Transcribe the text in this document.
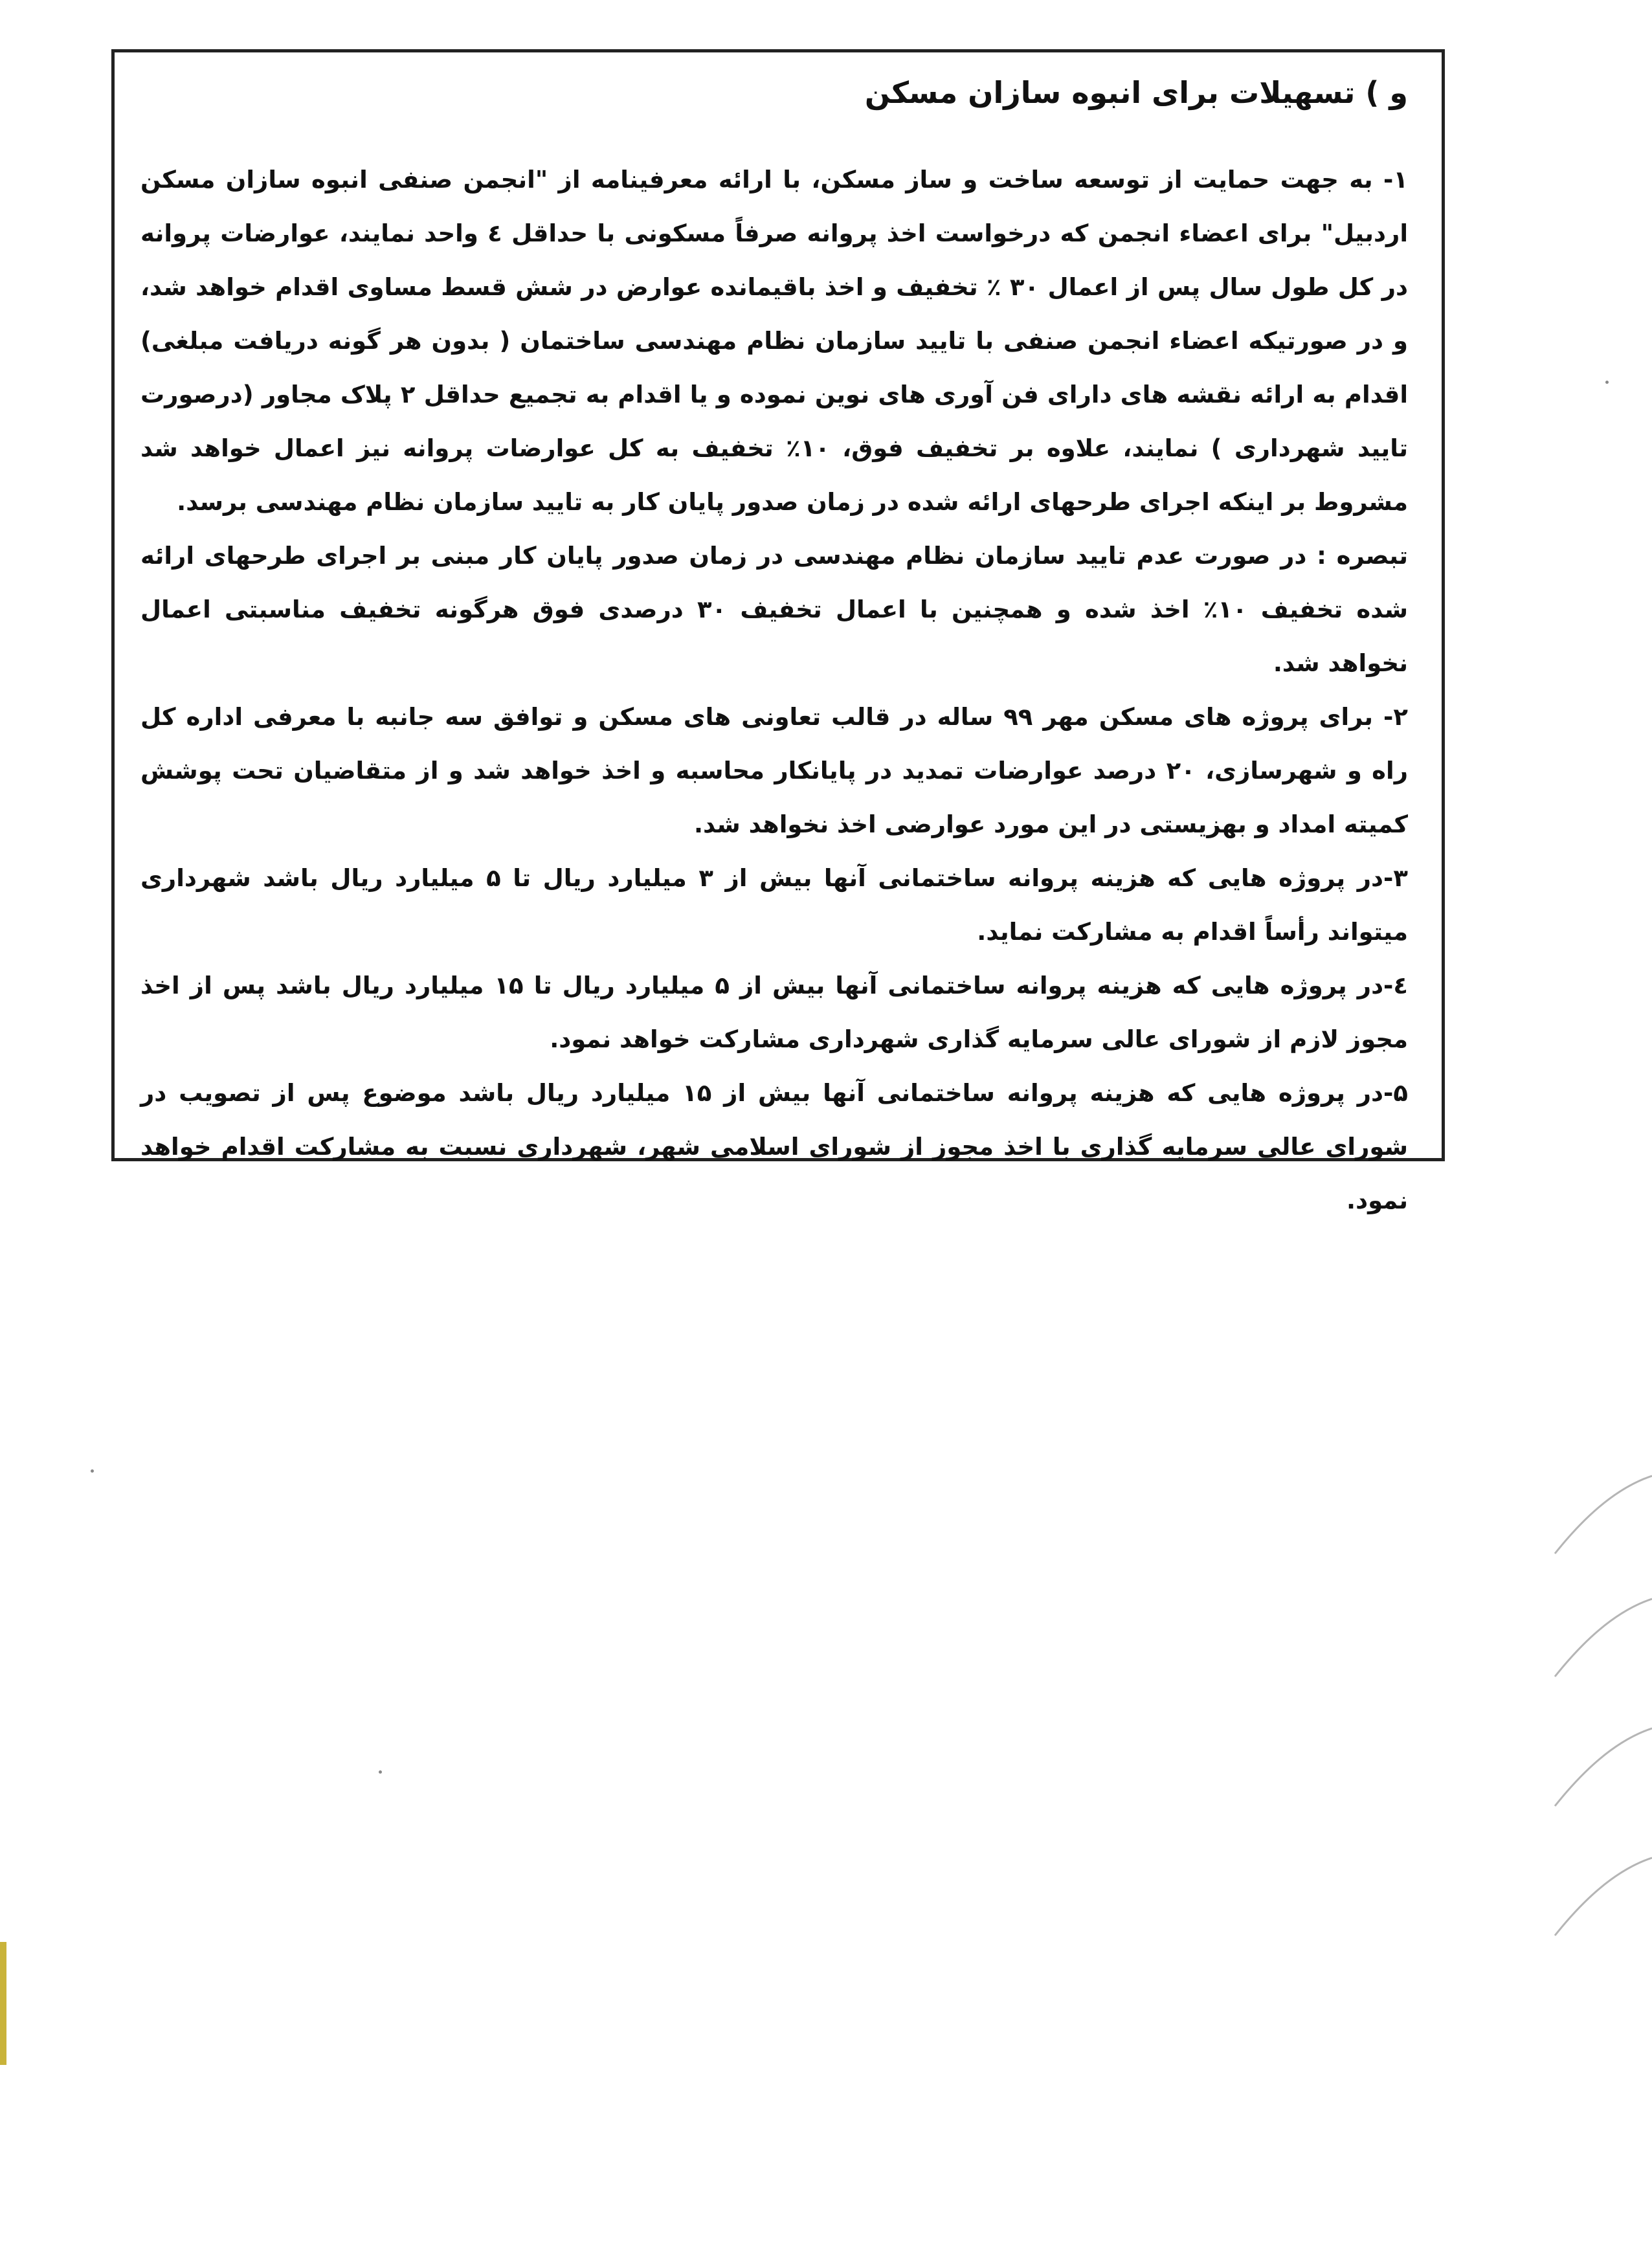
و ) تسهیلات برای انبوه سازان مسکن

۱- به جهت حمایت از توسعه ساخت و ساز مسکن، با ارائه معرفینامه از "انجمن صنفی انبوه سازان مسکن اردبیل" برای اعضاء انجمن که درخواست اخذ پروانه صرفاً مسکونی با حداقل ٤ واحد نمایند، عوارضات پروانه در کل طول سال پس از اعمال ۳۰ ٪ تخفیف و اخذ باقیمانده عوارض در شش قسط مساوی اقدام خواهد شد، و در صورتیکه اعضاء انجمن صنفی با تایید سازمان نظام مهندسی ساختمان ( بدون هر گونه دریافت مبلغی) اقدام به ارائه نقشه های دارای فن آوری های نوین نموده و یا اقدام به تجمیع حداقل ۲ پلاک مجاور (درصورت تایید شهرداری ) نمایند، علاوه بر تخفیف فوق، ۱۰٪ تخفیف به کل عوارضات پروانه نیز اعمال خواهد شد مشروط بر اینکه اجرای طرحهای ارائه شده در زمان صدور پایان کار به تایید سازمان نظام مهندسی برسد.

تبصره : در صورت عدم تایید سازمان نظام مهندسی در زمان صدور پایان کار مبنی بر اجرای طرحهای ارائه شده تخفیف ۱۰٪ اخذ شده و همچنین با اعمال تخفیف ۳۰ درصدی فوق هرگونه تخفیف مناسبتی اعمال نخواهد شد.

۲- برای پروژه های مسکن مهر ۹۹ ساله در قالب تعاونی های مسکن و توافق سه جانبه با معرفی اداره کل راه و شهرسازی، ۲۰ درصد عوارضات تمدید در پایانکار محاسبه و اخذ خواهد شد و از متقاضیان تحت پوشش کمیته امداد و بهزیستی در این مورد عوارضی اخذ نخواهد شد.

۳-در پروژه هایی که هزینه پروانه ساختمانی آنها بیش از ۳ میلیارد ریال تا ۵ میلیارد ریال باشد شهرداری میتواند رأساً اقدام به مشارکت نماید.

٤-در پروژه هایی که هزینه پروانه ساختمانی آنها بیش از ۵ میلیارد ریال تا ۱۵ میلیارد ریال باشد پس از اخذ مجوز لازم از شورای عالی سرمایه گذاری شهرداری مشارکت خواهد نمود.

۵-در پروژه هایی که هزینه پروانه ساختمانی آنها بیش از ۱۵ میلیارد ریال باشد موضوع پس از تصویب در شورای عالی سرمایه گذاری با اخذ مجوز از شورای اسلامی شهر، شهرداری نسبت به مشارکت اقدام خواهد نمود.
